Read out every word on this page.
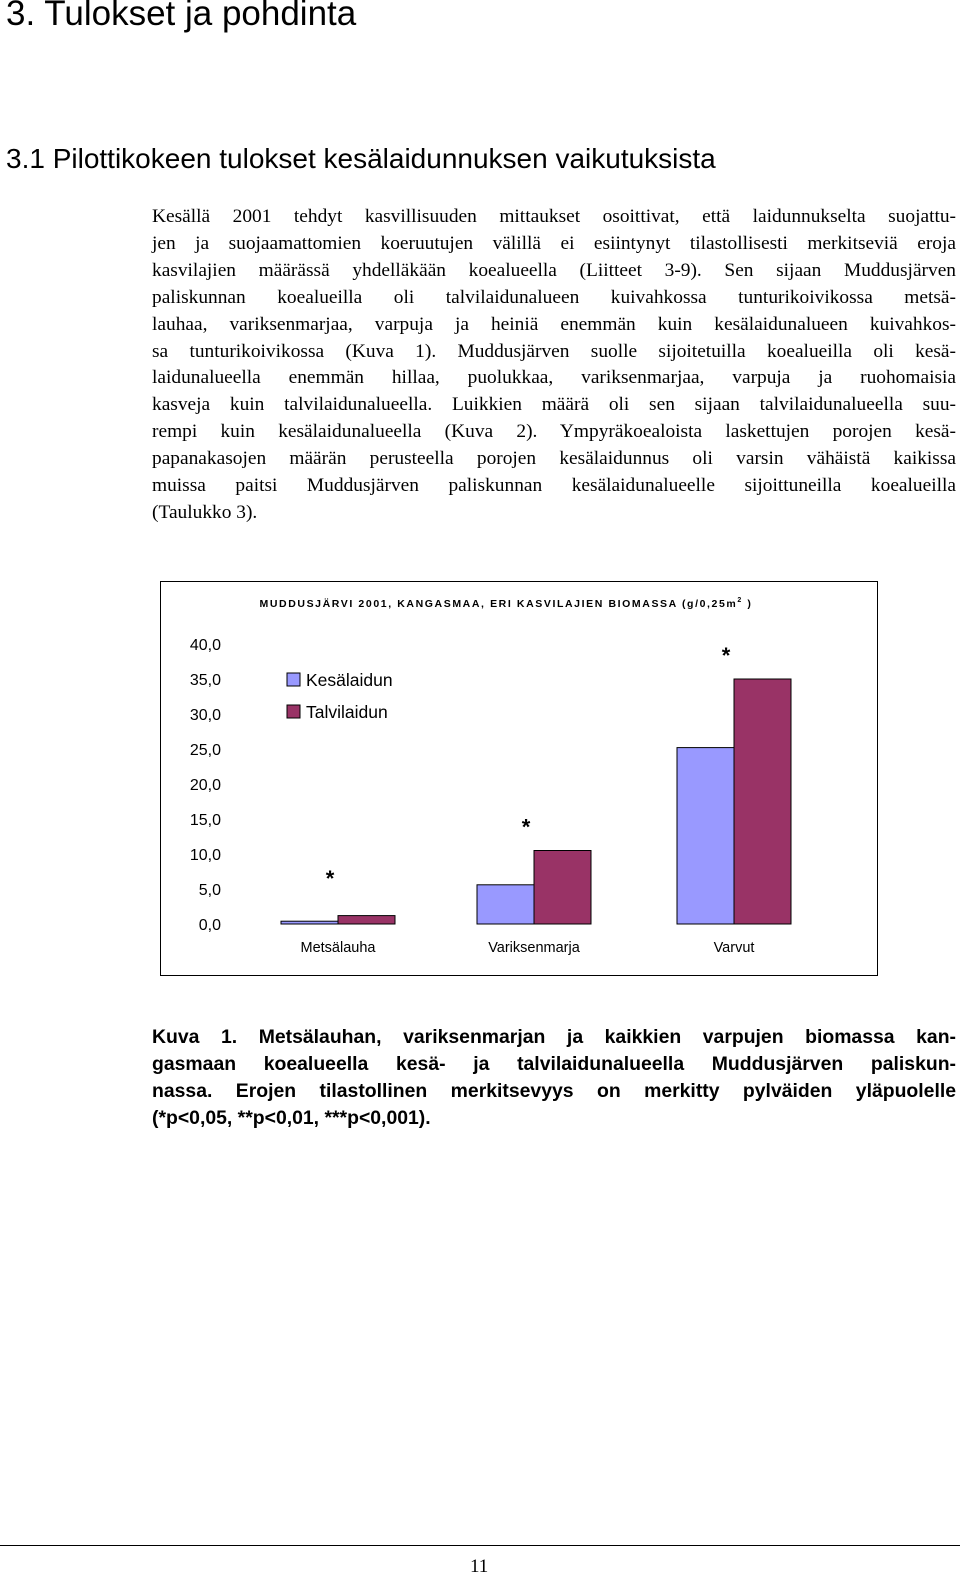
3. Tulokset ja pohdinta
3.1 Pilottikokeen tulokset kesälaidunnuksen vaikutuksista

Kesällä 2001 tehdyt kasvillisuuden mittaukset osoittivat, että laidunnukselta suojattu-
jen ja suojaamattomien koeruutujen välillä ei esiintynyt tilastollisesti merkitseviä eroja
kasvilajien määrässä yhdelläkään koealueella (Liitteet 3-9). Sen sijaan Muddusjärven
paliskunnan koealueilla oli talvilaidunalueen kuivahkossa tunturikoivikossa metsä-
lauhaa, variksenmarjaa, varpuja ja heiniä enemmän kuin kesälaidunalueen kuivahkos-
sa tunturikoivikossa (Kuva 1). Muddusjärven suolle sijoitetuilla koealueilla oli kesä-
laidunalueella enemmän hillaa, puolukkaa, variksenmarjaa, varpuja ja ruohomaisia
kasveja kuin talvilaidunalueella. Luikkien määrä oli sen sijaan talvilaidunalueella suu-
rempi kuin kesälaidunalueella (Kuva 2). Ympyräkoealoista laskettujen porojen kesä-
papanakasojen määrän perusteella porojen kesälaidunnus oli varsin vähäistä kaikissa
muissa paitsi Muddusjärven paliskunnan kesälaidunalueelle sijoittuneilla koealueilla
(Taulukko 3).

MUDDUSJÄRVI 2001, KANGASMAA, ERI KASVILAJIEN BIOMASSA ($g/0,25m^2$ )
0,0
5,0
10,0
15,0
20,0
25,0
30,0
35,0
40,0
Metsälauha
*
Variksenmarja
*
Varvut
*
Kesälaidun
Talvilaidun

Kuva 1. Metsälauhan, variksenmarjan ja kaikkien varpujen biomassa kan-
gasmaan koealueella kesä- ja talvilaidunalueella Muddusjärven paliskun-
nassa. Erojen tilastollinen merkitsevyys on merkitty pylväiden yläpuolelle
(*p<0,05, **p<0,01, ***p<0,001).

11
